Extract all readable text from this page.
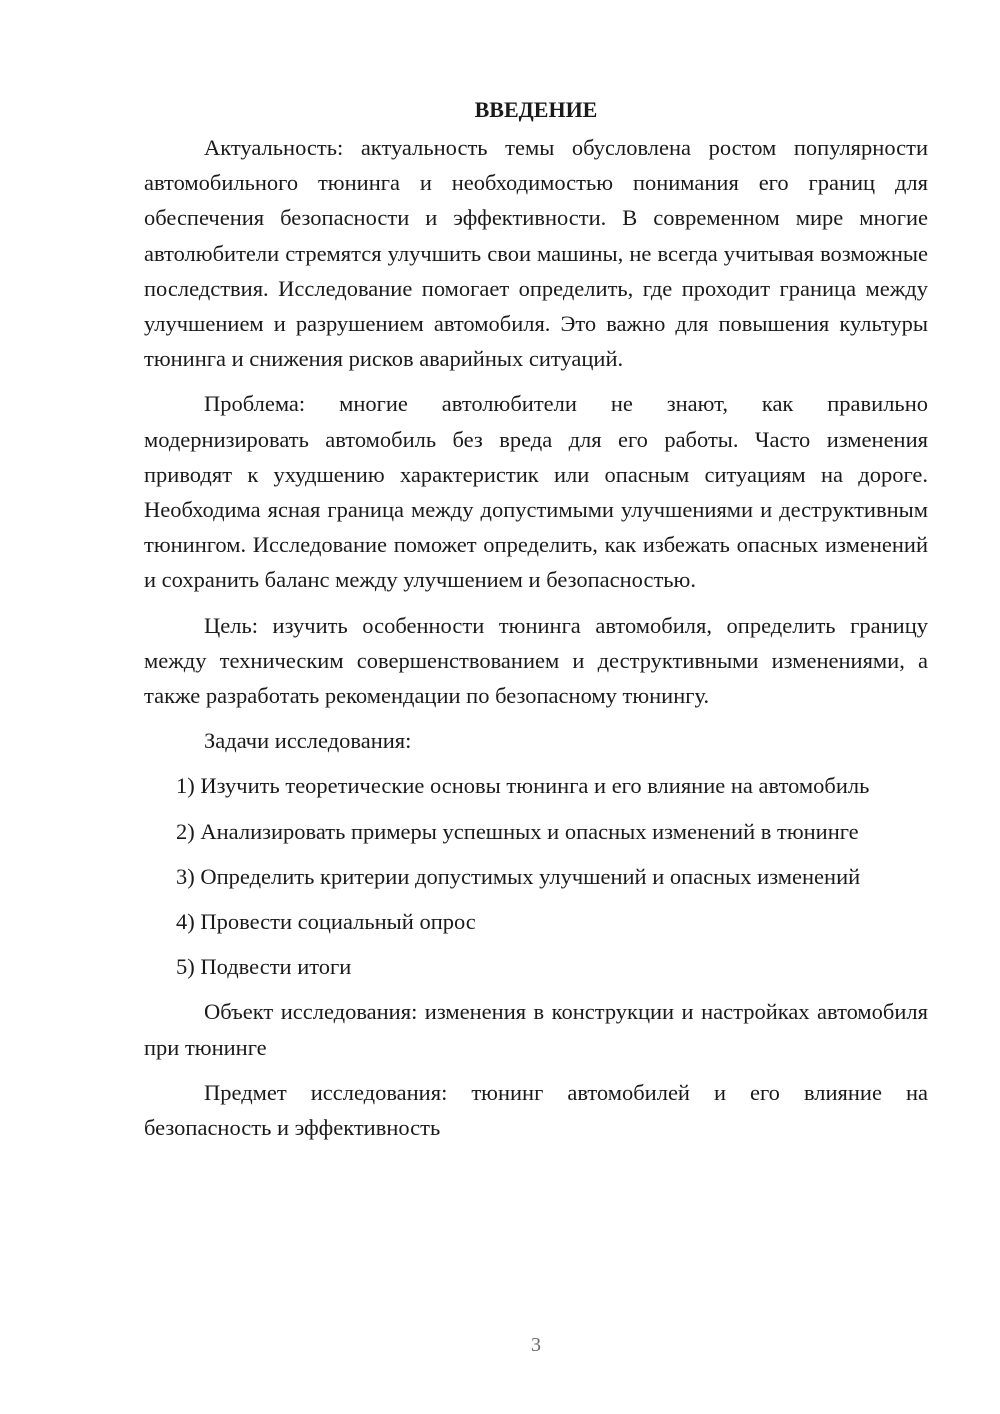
ВВЕДЕНИЕ

Актуальность: актуальность темы обусловлена ростом популярности автомобильного тюнинга и необходимостью понимания его границ для обеспечения безопасности и эффективности. В современном мире многие автолюбители стремятся улучшить свои машины, не всегда учитывая возможные последствия. Исследование помогает определить, где проходит граница между улучшением и разрушением автомобиля. Это важно для повышения культуры тюнинга и снижения рисков аварийных ситуаций.

Проблема: многие автолюбители не знают, как правильно модернизировать автомобиль без вреда для его работы. Часто изменения приводят к ухудшению характеристик или опасным ситуациям на дороге. Необходима ясная граница между допустимыми улучшениями и деструктивным тюнингом. Исследование поможет определить, как избежать опасных изменений и сохранить баланс между улучшением и безопасностью.

Цель: изучить особенности тюнинга автомобиля, определить границу между техническим совершенствованием и деструктивными изменениями, а также разработать рекомендации по безопасному тюнингу.

Задачи исследования:

1) Изучить теоретические основы тюнинга и его влияние на автомобиль

2) Анализировать примеры успешных и опасных изменений в тюнинге

3) Определить критерии допустимых улучшений и опасных изменений

4) Провести социальный опрос

5) Подвести итоги

Объект исследования: изменения в конструкции и настройках автомобиля при тюнинге

Предмет исследования: тюнинг автомобилей и его влияние на безопасность и эффективность

3
